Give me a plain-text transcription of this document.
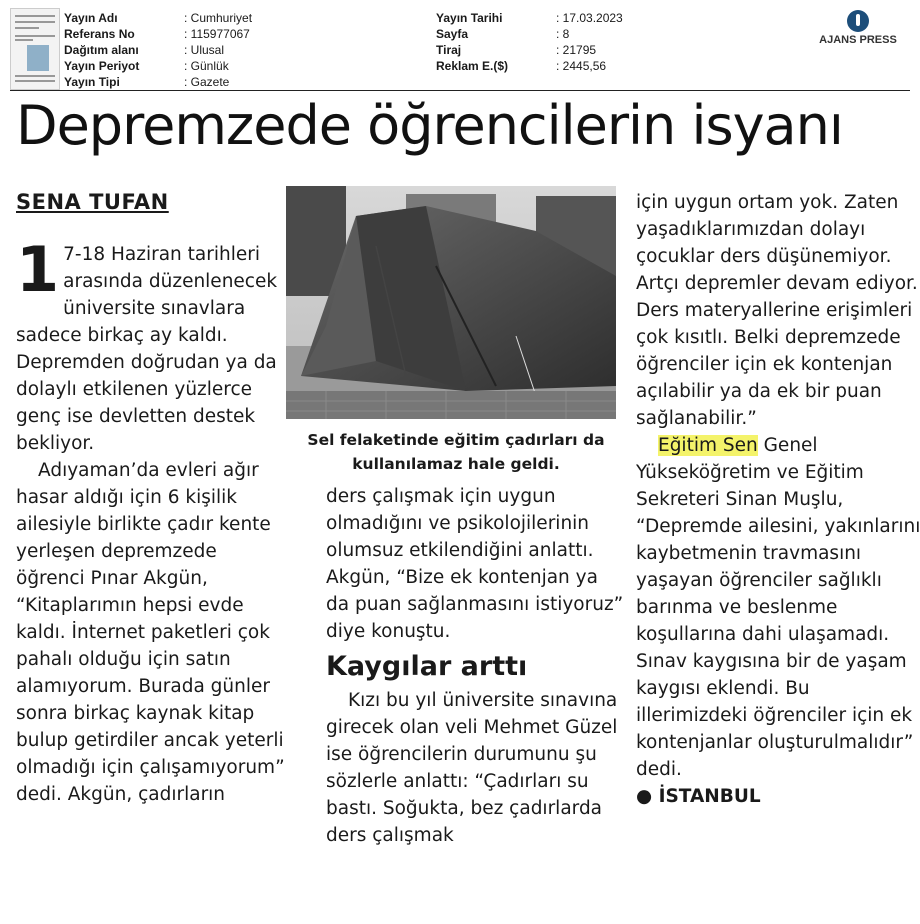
Yayın Adı	: Cumhuriyet
Referans No	: 115977067
Dağıtım alanı	: Ulusal
Yayın Periyot	: Günlük
Yayın Tipi	: Gazete
Yayın Tarihi	: 17.03.2023
Sayfa	: 8
Tiraj	: 21795
Reklam E.($)	: 2445,56
AJANS PRESS
Depremzede öğrencilerin isyanı
SENA TUFAN

1 7-18 Haziran tarihleri arasında düzenlenecek üniversite sınavlara sadece birkaç ay kaldı. Depremden doğrudan ya da dolaylı etkilenen yüzlerce genç ise devletten destek bekliyor.

Adıyaman’da evleri ağır hasar aldığı için 6 kişilik ailesiyle birlikte çadır kente yerleşen depremzede öğrenci Pınar Akgün, “Kitaplarımın hepsi evde kaldı. İnternet paketleri çok pahalı olduğu için satın alamıyorum. Burada günler sonra birkaç kaynak kitap bulup getirdiler ancak yeterli olmadığı için çalışamıyorum” dedi. Akgün, çadırların

Sel felaketinde eğitim çadırları da kullanılamaz hale geldi.

ders çalışmak için uygun olmadığını ve psikolojilerinin olumsuz etkilendiğini anlattı. Akgün, “Bize ek kontenjan ya da puan sağlanmasını istiyoruz” diye konuştu.

Kaygılar arttı

Kızı bu yıl üniversite sınavına girecek olan veli Mehmet Güzel ise öğrencilerin durumunu şu sözlerle anlattı: “Çadırları su bastı. Soğukta, bez çadırlarda ders çalışmak

için uygun ortam yok. Zaten yaşadıklarımızdan dolayı çocuklar ders düşünemiyor. Artçı depremler devam ediyor. Ders materyallerine erişimleri çok kısıtlı. Belki depremzede öğrenciler için ek kontenjan açılabilir ya da ek bir puan sağlanabilir.”

Eğitim Sen Genel Yükseköğretim ve Eğitim Sekreteri Sinan Muşlu, “Depremde ailesini, yakınlarını kaybetmenin travmasını yaşayan öğrenciler sağlıklı barınma ve beslenme koşullarına dahi ulaşamadı. Sınav kaygısına bir de yaşam kaygısı eklendi. Bu illerimizdeki öğrenciler için ek kontenjanlar oluşturulmalıdır” dedi.

● İSTANBUL
